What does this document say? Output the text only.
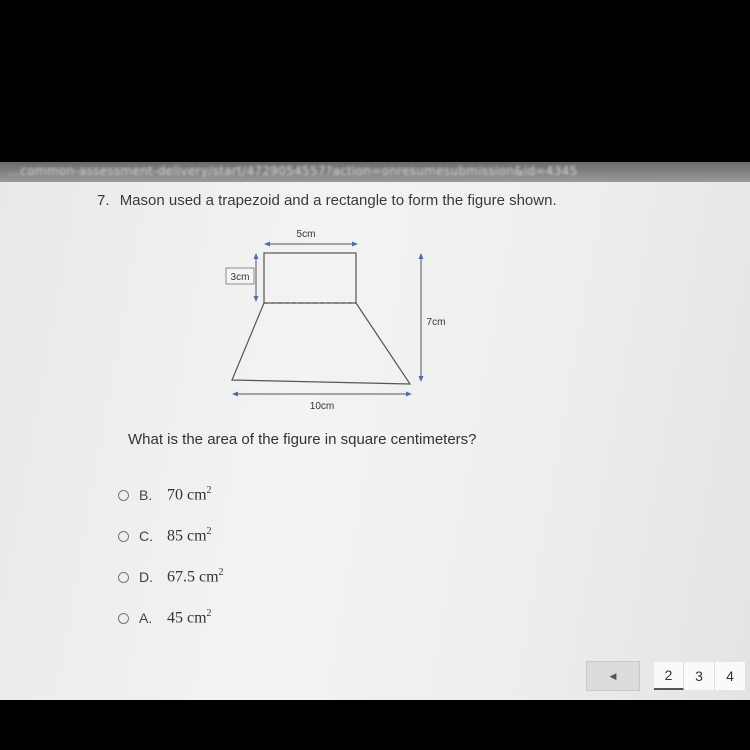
…common-assessment-delivery/start/4729054557?action=onresumesubmission&id=4345
7. Mason used a trapezoid and a rectangle to form the figure shown.
5cm
3cm
7cm
10cm
What is the area of the figure in square centimeters?
B. 70 $cm^2$
C. 85 $cm^2$
D. 67.5 $cm^2$
A. 45 $cm^2$
◀	2	3	4
